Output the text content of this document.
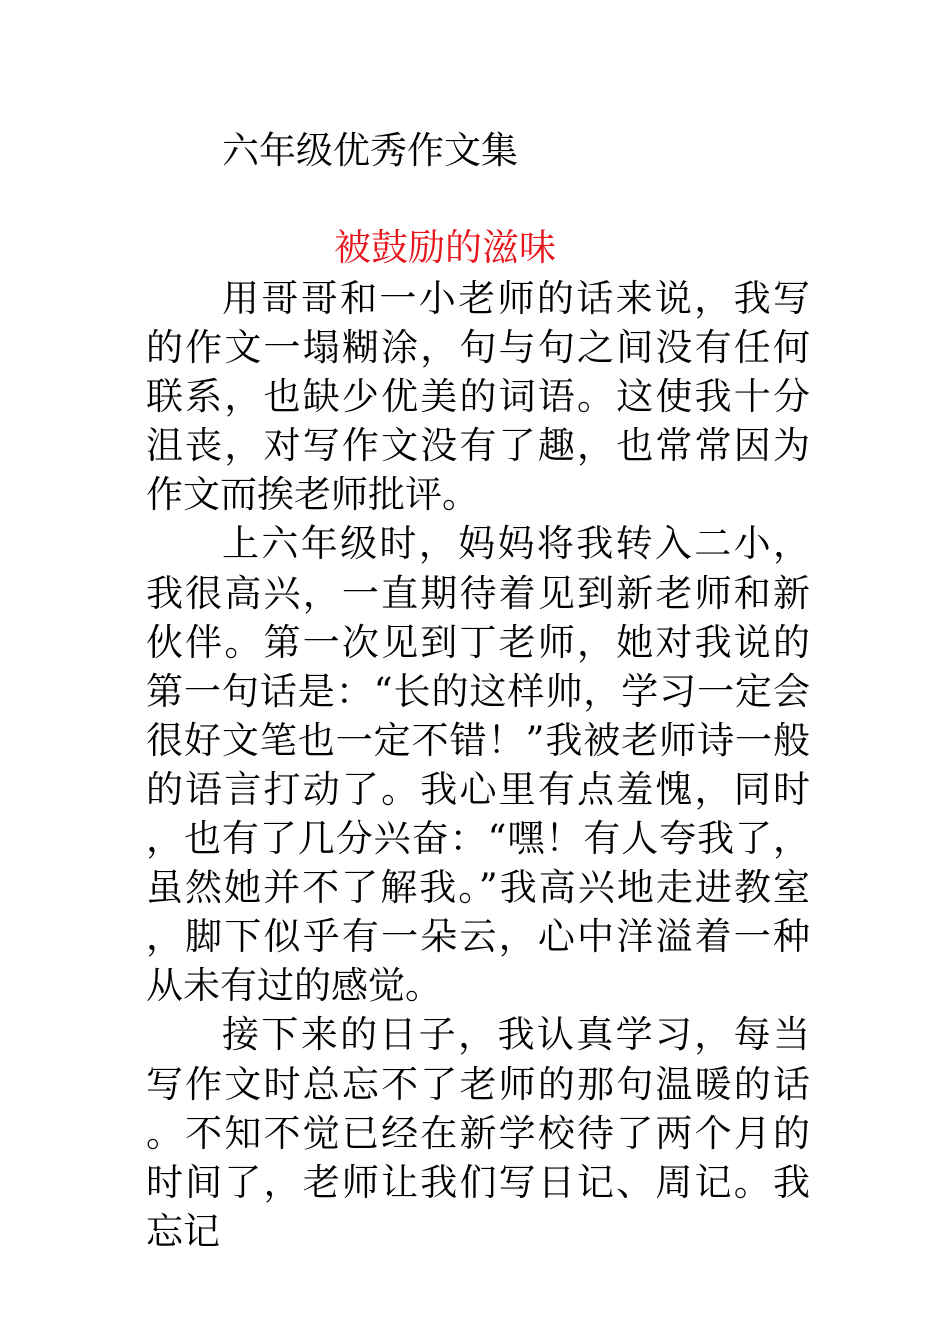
六年级优秀作文集
被鼓励的滋味

用哥哥和一小老师的话来说，我写的作文一塌糊涂，句与句之间没有任何联系，也缺少优美的词语。这使我十分沮丧，对写作文没有了趣，也常常因为作文而挨老师批评。

上六年级时，妈妈将我转入二小，我很高兴，一直期待着见到新老师和新伙伴。第一次见到丁老师，她对我说的第一句话是：“长的这样帅，学习一定会很好文笔也一定不错！”我被老师诗一般的语言打动了。我心里有点羞愧，同时，也有了几分兴奋：“嘿！有人夸我了，虽然她并不了解我。”我高兴地走进教室，脚下似乎有一朵云，心中洋溢着一种从未有过的感觉。

接下来的日子，我认真学习，每当写作文时总忘不了老师的那句温暖的话。不知不觉已经在新学校待了两个月的时间了，老师让我们写日记、周记。我忘记
